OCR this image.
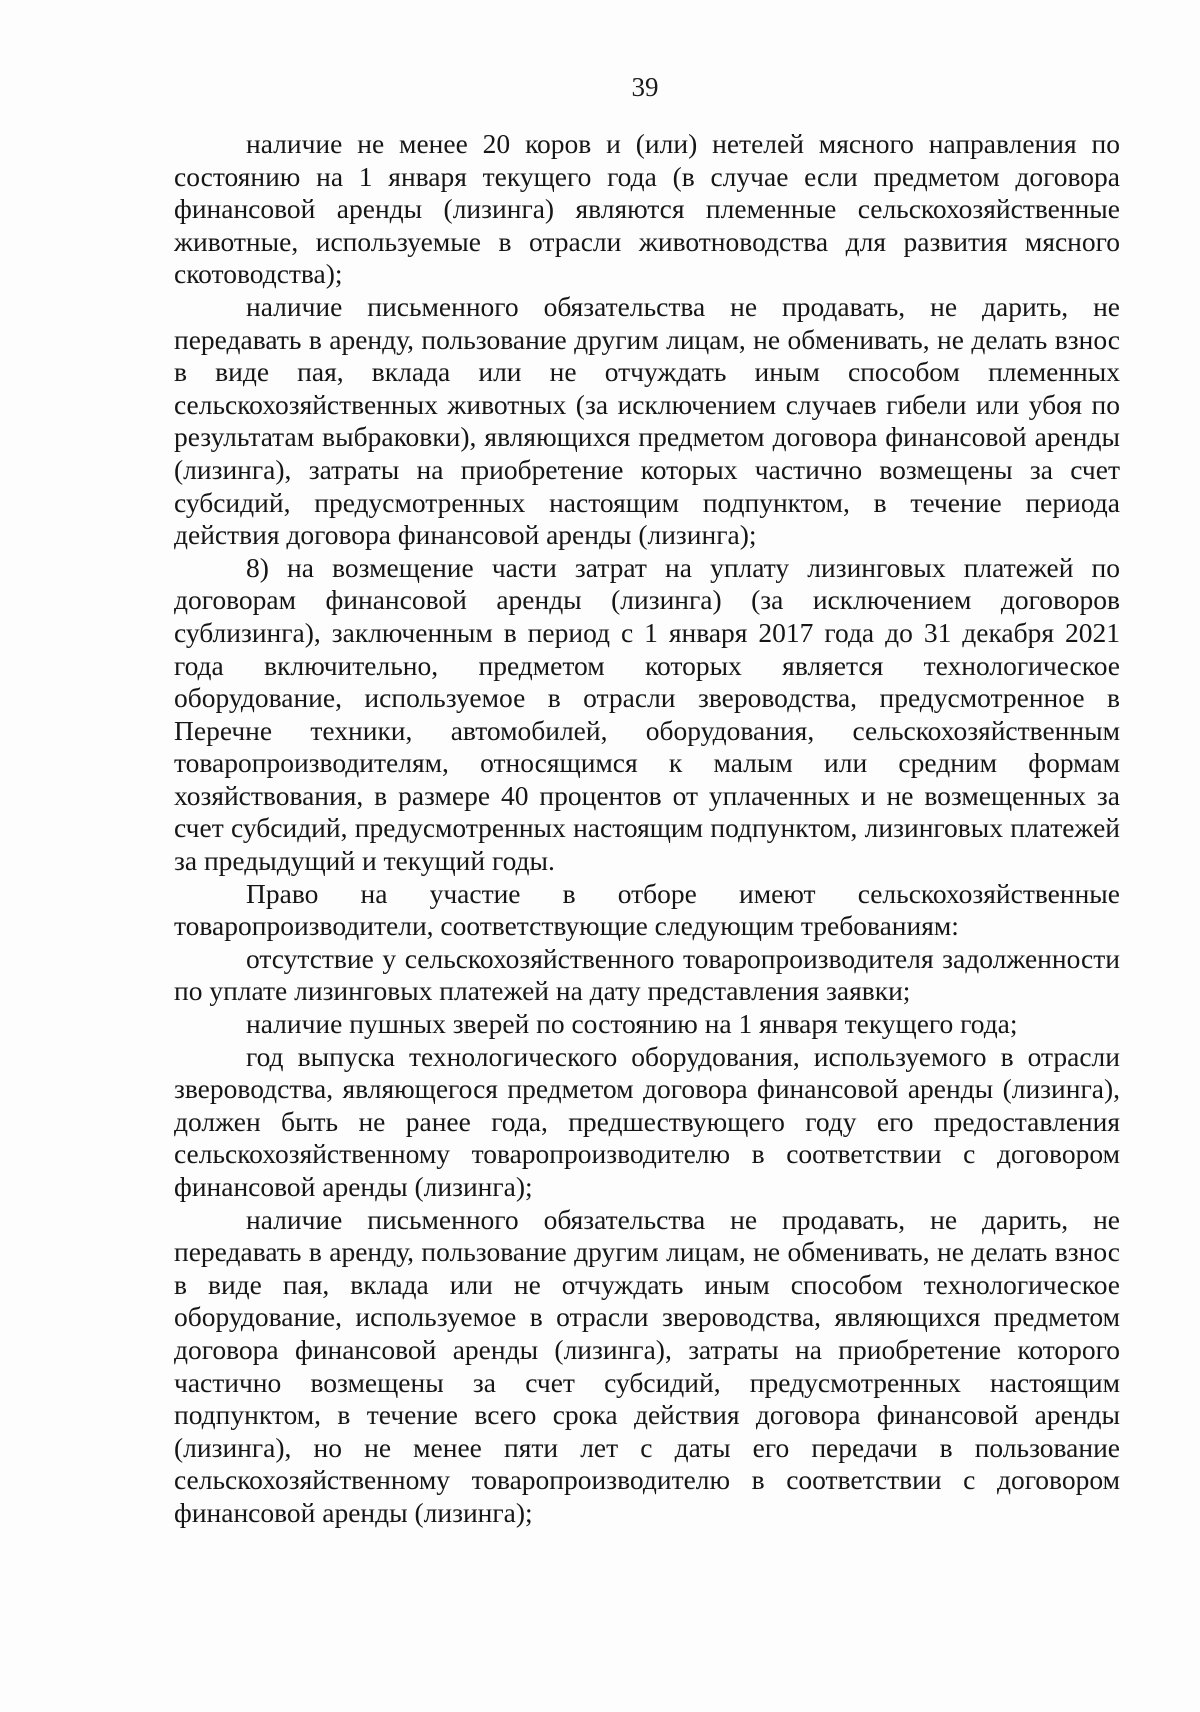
39

наличие не менее 20 коров и (или) нетелей мясного направления по состоянию на 1 января текущего года (в случае если предметом договора финансовой аренды (лизинга) являются племенные сельскохозяйственные животные, используемые в отрасли животноводства для развития мясного скотоводства);

наличие письменного обязательства не продавать, не дарить, не передавать в аренду, пользование другим лицам, не обменивать, не делать взнос в виде пая, вклада или не отчуждать иным способом племенных сельскохозяйственных животных (за исключением случаев гибели или убоя по результатам выбраковки), являющихся предметом договора финансовой аренды (лизинга), затраты на приобретение которых частично возмещены за счет субсидий, предусмотренных настоящим подпунктом, в течение периода действия договора финансовой аренды (лизинга);

8) на возмещение части затрат на уплату лизинговых платежей по договорам финансовой аренды (лизинга) (за исключением договоров сублизинга), заключенным в период с 1 января 2017 года до 31 декабря 2021 года включительно, предметом которых является технологическое оборудование, используемое в отрасли звероводства, предусмотренное в Перечне техники, автомобилей, оборудования, сельскохозяйственным товаропроизводителям, относящимся к малым или средним формам хозяйствования, в размере 40 процентов от уплаченных и не возмещенных за счет субсидий, предусмотренных настоящим подпунктом, лизинговых платежей за предыдущий и текущий годы.

Право на участие в отборе имеют сельскохозяйственные товаропроизводители, соответствующие следующим требованиям:

отсутствие у сельскохозяйственного товаропроизводителя задолженности по уплате лизинговых платежей на дату представления заявки;

наличие пушных зверей по состоянию на 1 января текущего года;

год выпуска технологического оборудования, используемого в отрасли звероводства, являющегося предметом договора финансовой аренды (лизинга), должен быть не ранее года, предшествующего году его предоставления сельскохозяйственному товаропроизводителю в соответствии с договором финансовой аренды (лизинга);

наличие письменного обязательства не продавать, не дарить, не передавать в аренду, пользование другим лицам, не обменивать, не делать взнос в виде пая, вклада или не отчуждать иным способом технологическое оборудование, используемое в отрасли звероводства, являющихся предметом договора финансовой аренды (лизинга), затраты на приобретение которого частично возмещены за счет субсидий, предусмотренных настоящим подпунктом, в течение всего срока действия договора финансовой аренды (лизинга), но не менее пяти лет с даты его передачи в пользование сельскохозяйственному товаропроизводителю в соответствии с договором финансовой аренды (лизинга);
